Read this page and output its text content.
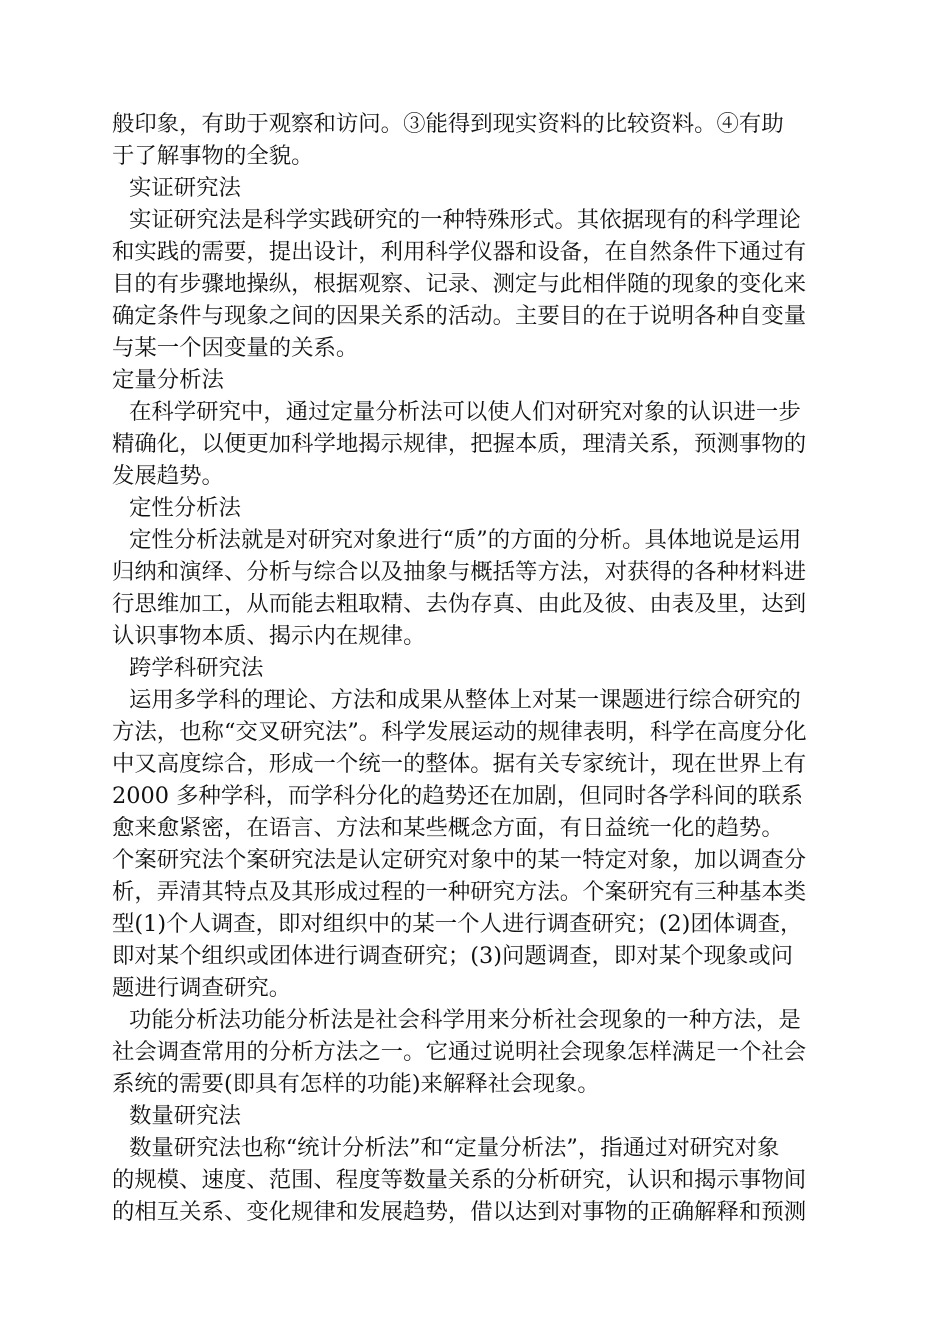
般印象，有助于观察和访问。③能得到现实资料的比较资料。④有助

于了解事物的全貌。

实证研究法

实证研究法是科学实践研究的一种特殊形式。其依据现有的科学理论

和实践的需要，提出设计，利用科学仪器和设备，在自然条件下通过有

目的有步骤地操纵，根据观察、记录、测定与此相伴随的现象的变化来

确定条件与现象之间的因果关系的活动。主要目的在于说明各种自变量

与某一个因变量的关系。

定量分析法

在科学研究中，通过定量分析法可以使人们对研究对象的认识进一步

精确化，以便更加科学地揭示规律，把握本质，理清关系，预测事物的

发展趋势。

定性分析法

定性分析法就是对研究对象进行“质”的方面的分析。具体地说是运用

归纳和演绎、分析与综合以及抽象与概括等方法，对获得的各种材料进

行思维加工，从而能去粗取精、去伪存真、由此及彼、由表及里，达到

认识事物本质、揭示内在规律。

跨学科研究法

运用多学科的理论、方法和成果从整体上对某一课题进行综合研究的

方法，也称“交叉研究法”。科学发展运动的规律表明，科学在高度分化

中又高度综合，形成一个统一的整体。据有关专家统计，现在世界上有

2000 多种学科，而学科分化的趋势还在加剧，但同时各学科间的联系

愈来愈紧密，在语言、方法和某些概念方面，有日益统一化的趋势。

个案研究法个案研究法是认定研究对象中的某一特定对象，加以调查分

析，弄清其特点及其形成过程的一种研究方法。个案研究有三种基本类

型(1)个人调查，即对组织中的某一个人进行调查研究；(2)团体调查，

即对某个组织或团体进行调查研究；(3)问题调查，即对某个现象或问

题进行调查研究。

功能分析法功能分析法是社会科学用来分析社会现象的一种方法，是

社会调查常用的分析方法之一。它通过说明社会现象怎样满足一个社会

系统的需要(即具有怎样的功能)来解释社会现象。

数量研究法

数量研究法也称“统计分析法”和“定量分析法”，指通过对研究对象

的规模、速度、范围、程度等数量关系的分析研究，认识和揭示事物间

的相互关系、变化规律和发展趋势，借以达到对事物的正确解释和预测
